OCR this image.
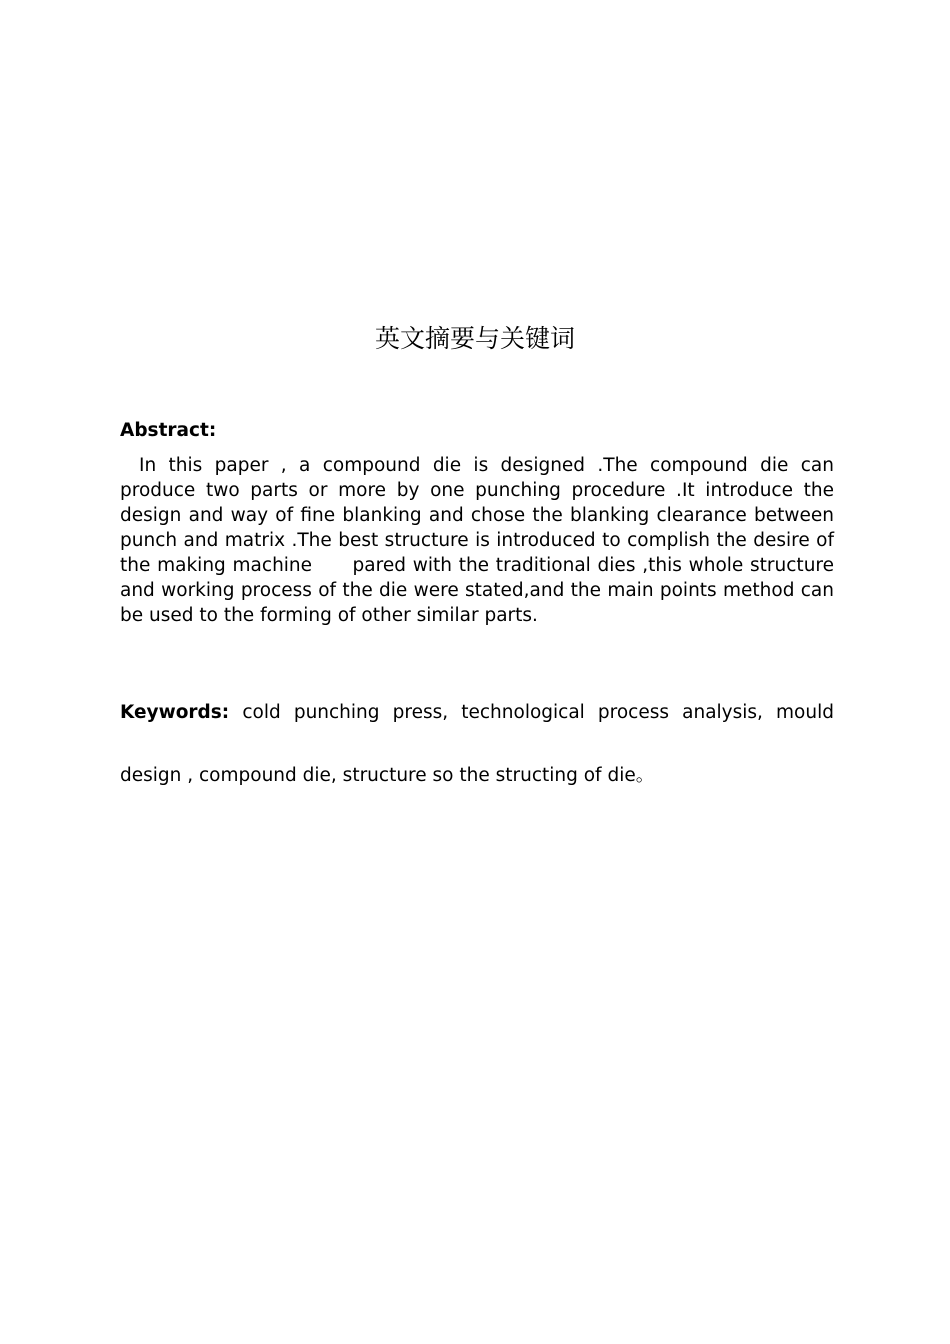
英文摘要与关键词

Abstract:

In this paper , a compound die is designed .The compound die can produce two parts or more by one punching procedure .It introduce the design and way of fine blanking and chose the blanking clearance between punch and matrix .The best structure is introduced to complish the desire of the making machine      pared with the traditional dies ,this whole structure and working process of the die were stated,and the main points method can be used to the forming of other similar parts.

Keywords: cold punching press, technological process analysis, mould

design , compound die, structure so the structing of die。
